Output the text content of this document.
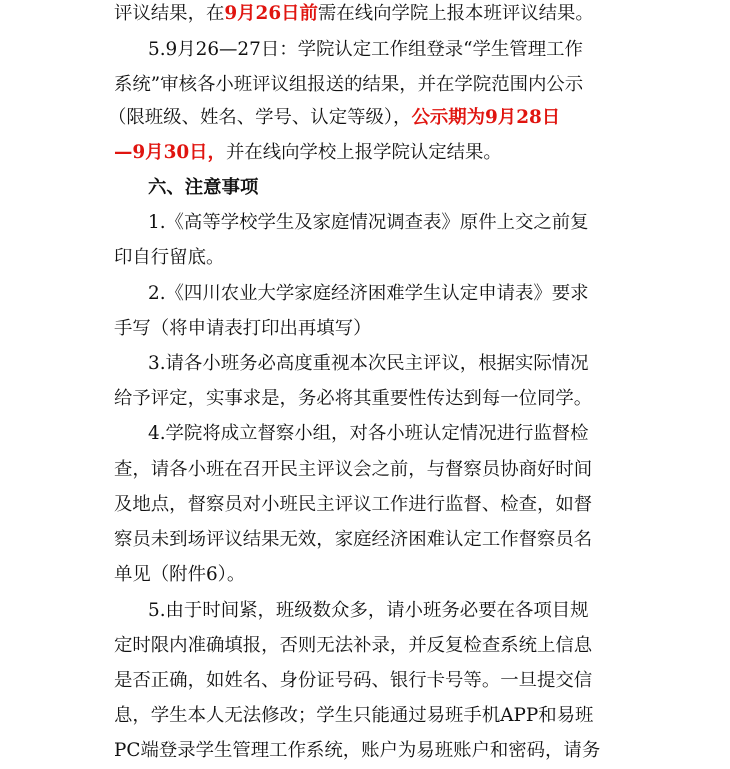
评议结果，在9月26日前需在线向学院上报本班评议结果。
5.9月26—27日：学院认定工作组登录“学生管理工作
系统”审核各小班评议组报送的结果，并在学院范围内公示
（限班级、姓名、学号、认定等级），公示期为9月28日
—9月30日，并在线向学校上报学院认定结果。
六、注意事项
1.《高等学校学生及家庭情况调查表》原件上交之前复
印自行留底。
2.《四川农业大学家庭经济困难学生认定申请表》要求
手写（将申请表打印出再填写）
3.请各小班务必高度重视本次民主评议，根据实际情况
给予评定，实事求是，务必将其重要性传达到每一位同学。
4.学院将成立督察小组，对各小班认定情况进行监督检
查，请各小班在召开民主评议会之前，与督察员协商好时间
及地点，督察员对小班民主评议工作进行监督、检查，如督
察员未到场评议结果无效，家庭经济困难认定工作督察员名
单见（附件6）。
5.由于时间紧，班级数众多，请小班务必要在各项目规
定时限内准确填报，否则无法补录，并反复检查系统上信息
是否正确，如姓名、身份证号码、银行卡号等。一旦提交信
息，学生本人无法修改；学生只能通过易班手机APP和易班
PC端登录学生管理工作系统，账户为易班账户和密码，请务
